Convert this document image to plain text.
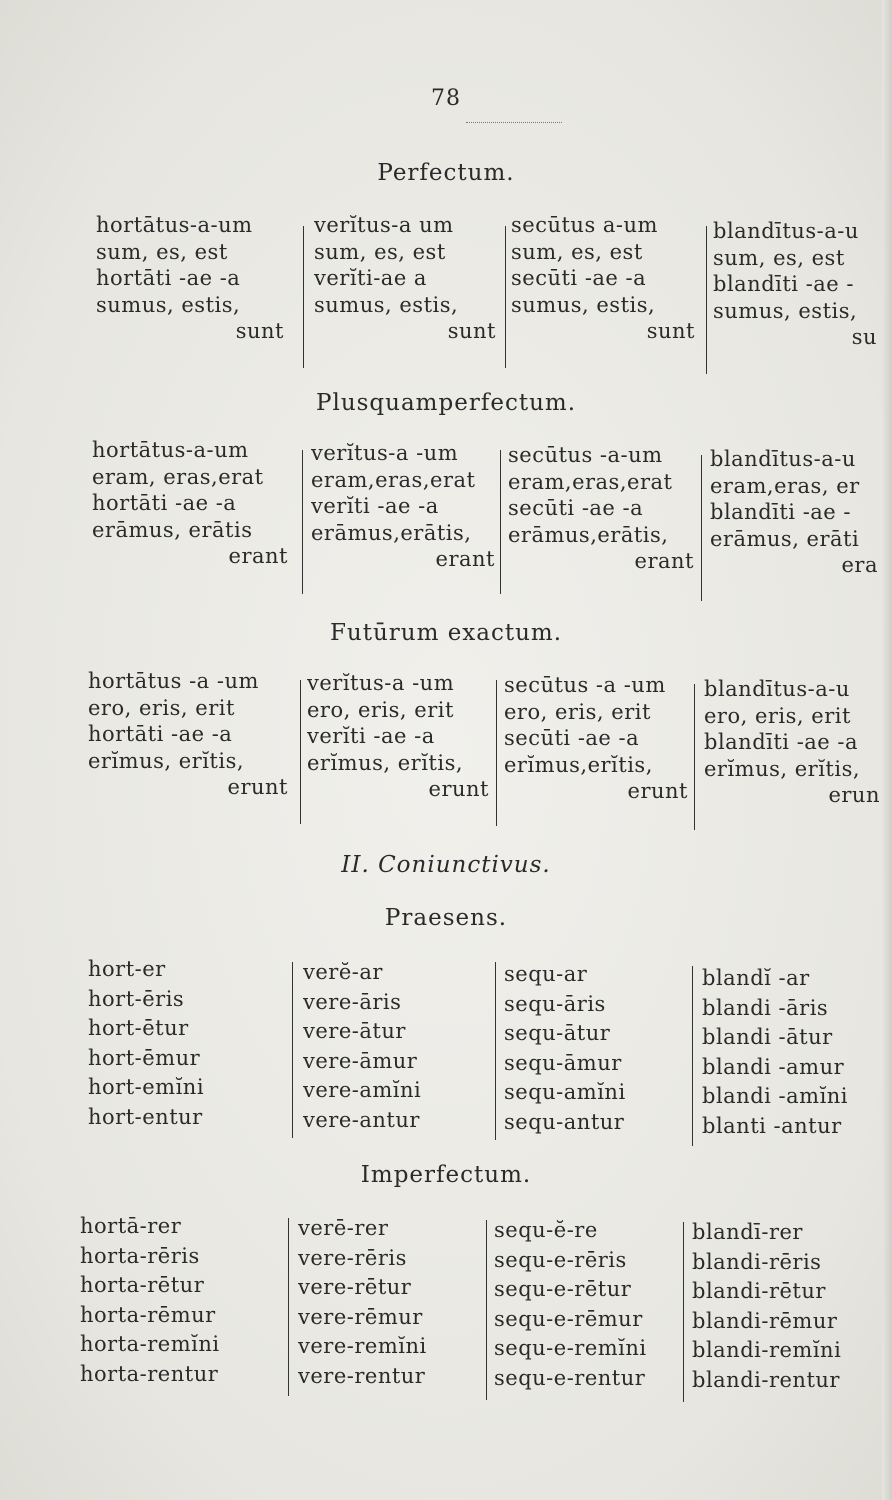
78
Perfectum.
hortātus-a-um
sum, es, est
hortāti -ae -a
sumus, estis,
sunt
verĭtus-a um
sum, es, est
verĭti-ae a
sumus, estis,
sunt
secūtus a-um
sum, es, est
secūti -ae -a
sumus, estis,
sunt
blandītus-a-u
sum, es, est
blandīti -ae -
sumus, estis,
su
Plusquamperfectum.
hortātus-a-um
eram, eras,erat
hortāti -ae -a
erāmus, erātis
erant
verĭtus-a -um
eram,eras,erat
verĭti -ae -a
erāmus,erātis,
erant
secūtus -a-um
eram,eras,erat
secūti -ae -a
erāmus,erātis,
erant
blandītus-a-u
eram,eras, er
blandīti -ae -
erāmus, erāti
era
Futūrum exactum.
hortātus -a -um
ero, eris, erit
hortāti -ae -a
erĭmus, erĭtis,
erunt
verĭtus-a -um
ero, eris, erit
verĭti -ae -a
erĭmus, erĭtis,
erunt
secūtus -a -um
ero, eris, erit
secūti -ae -a
erĭmus,erĭtis,
erunt
blandītus-a-u
ero, eris, erit
blandīti -ae -a
erĭmus, erĭtis,
erun
II. Coniunctivus.
Praesens.
hort-er
hort-ēris
hort-ētur
hort-ēmur
hort-emĭni
hort-entur
verĕ-ar
vere-āris
vere-ātur
vere-āmur
vere-amĭni
vere-antur
sequ-ar
sequ-āris
sequ-ātur
sequ-āmur
sequ-amĭni
sequ-antur
blandĭ -ar
blandi -āris
blandi -ātur
blandi -amur
blandi -amĭni
blanti -antur
Imperfectum.
hortā-rer
horta-rēris
horta-rētur
horta-rēmur
horta-remĭni
horta-rentur
verē-rer
vere-rēris
vere-rētur
vere-rēmur
vere-remĭni
vere-rentur
sequ-ĕ-re
sequ-e-rēris
sequ-e-rētur
sequ-e-rēmur
sequ-e-remĭni
sequ-e-rentur
blandī-rer
blandi-rēris
blandi-rētur
blandi-rēmur
blandi-remĭni
blandi-rentur
